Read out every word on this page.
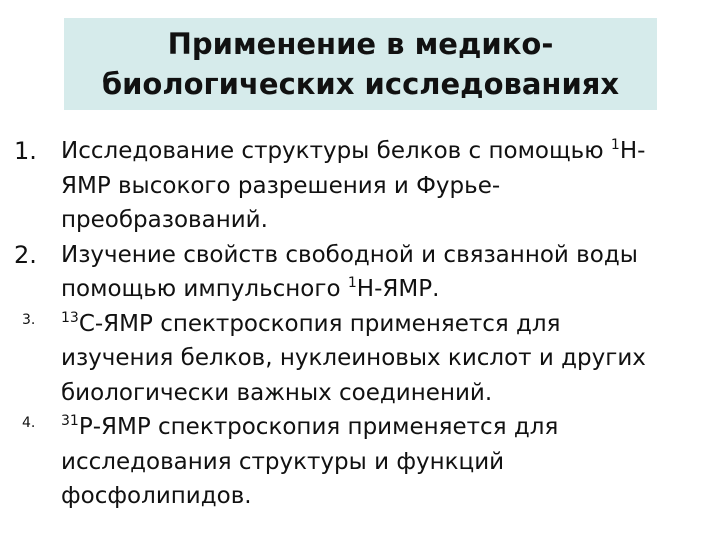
Применение в медико-
биологических исследованиях
1. Исследование структуры белков с помощью $^1$Н-
ЯМР высокого разрешения и Фурье-
преобразований.
2. Изучение свойств свободной и связанной воды
помощью импульсного $^1$Н-ЯМР.
3. $^{13}$С-ЯМР спектроскопия применяется для
изучения белков, нуклеиновых кислот и других
биологически важных соединений.
4. $^{31}$Р-ЯМР спектроскопия применяется для
исследования структуры и функций
фосфолипидов.
